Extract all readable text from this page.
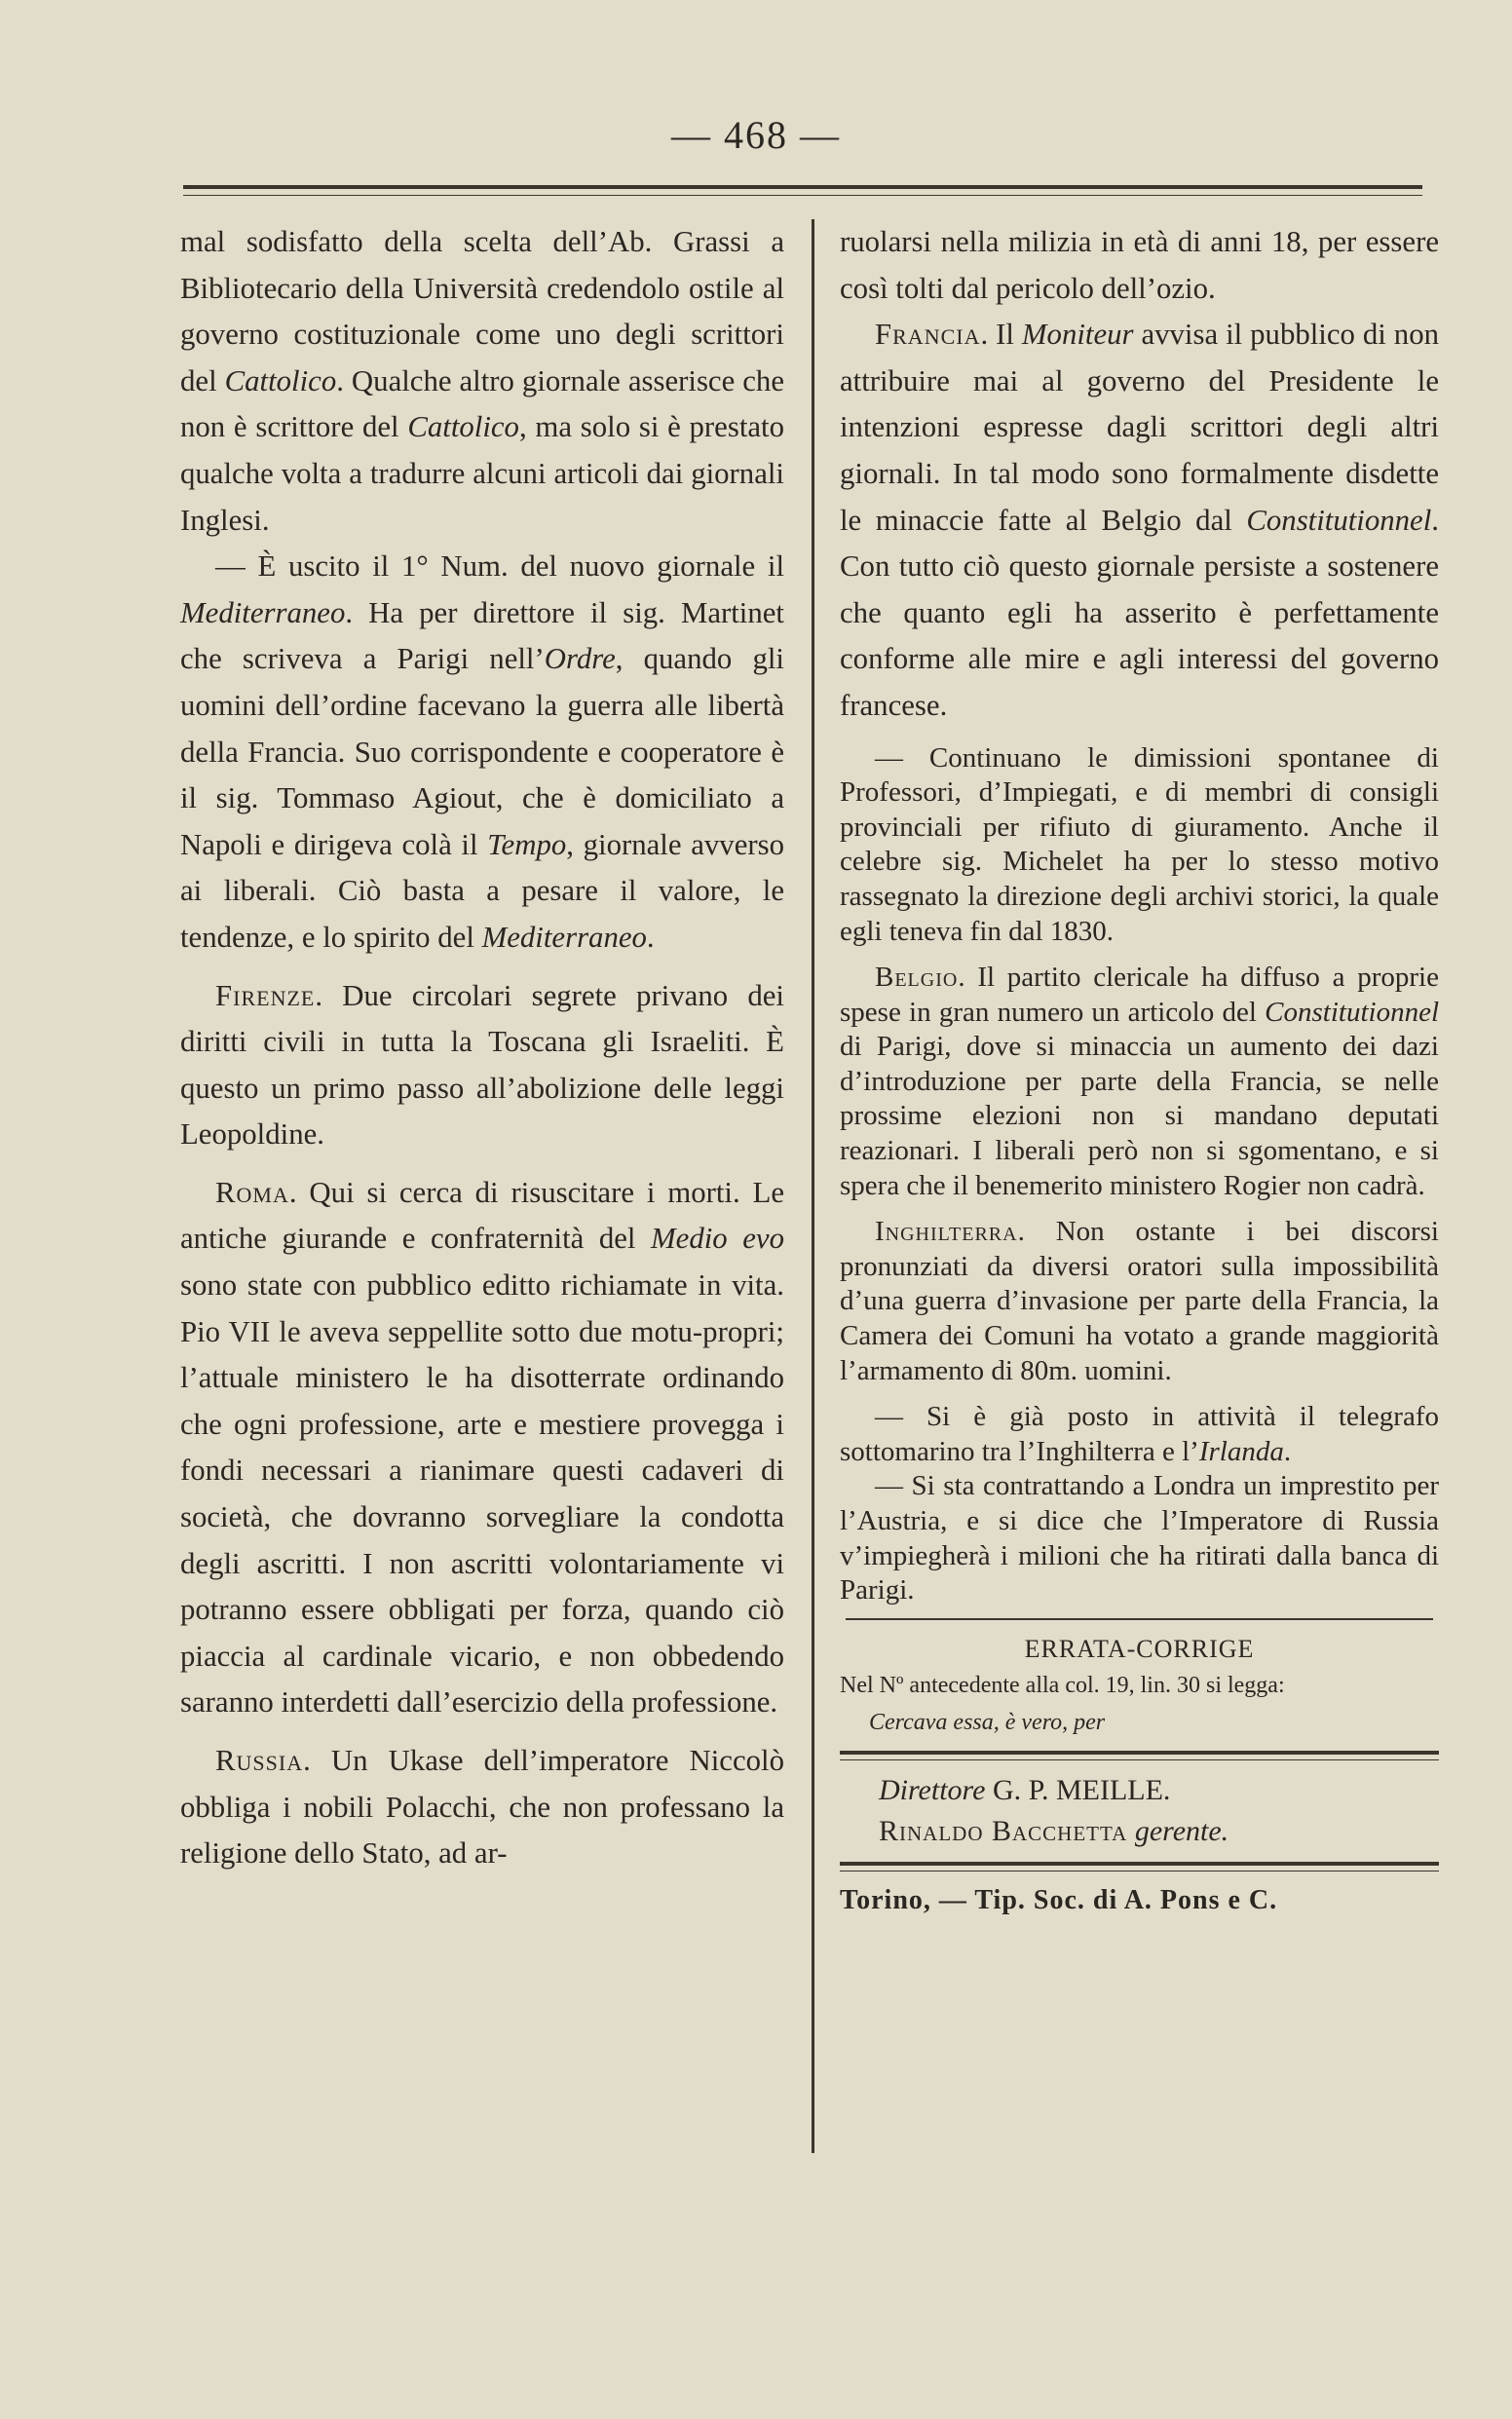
— 468 —

mal sodisfatto della scelta dell’Ab. Grassi a Bibliotecario della Università credendolo ostile al governo costituzionale come uno degli scrittori del Cattolico. Qualche altro giornale asserisce che non è scrittore del Cattolico, ma solo si è prestato qualche volta a tradurre alcuni articoli dai giornali Inglesi.

— È uscito il 1° Num. del nuovo giornale il Mediterraneo. Ha per direttore il sig. Martinet che scriveva a Parigi nell’Ordre, quando gli uomini dell’ordine facevano la guerra alle libertà della Francia. Suo corrispondente e cooperatore è il sig. Tommaso Agiout, che è domiciliato a Napoli e dirigeva colà il Tempo, giornale avverso ai liberali. Ciò basta a pesare il valore, le tendenze, e lo spirito del Mediterraneo.

Firenze. Due circolari segrete privano dei diritti civili in tutta la Toscana gli Israeliti. È questo un primo passo all’abolizione delle leggi Leopoldine.

Roma. Qui si cerca di risuscitare i morti. Le antiche giurande e confraternità del Medio evo sono state con pubblico editto richiamate in vita. Pio VII le aveva seppellite sotto due motu-propri; l’attuale ministero le ha disotterrate ordinando che ogni professione, arte e mestiere provegga i fondi necessari a rianimare questi cadaveri di società, che dovranno sorvegliare la condotta degli ascritti. I non ascritti volontariamente vi potranno essere obbligati per forza, quando ciò piaccia al cardinale vicario, e non obbedendo saranno interdetti dall’esercizio della professione.

Russia. Un Ukase dell’imperatore Niccolò obbliga i nobili Polacchi, che non professano la religione dello Stato, ad ar-

ruolarsi nella milizia in età di anni 18, per essere così tolti dal pericolo dell’ozio.

Francia. Il Moniteur avvisa il pubblico di non attribuire mai al governo del Presidente le intenzioni espresse dagli scrittori degli altri giornali. In tal modo sono formalmente disdette le minaccie fatte al Belgio dal Constitutionnel. Con tutto ciò questo giornale persiste a sostenere che quanto egli ha asserito è perfettamente conforme alle mire e agli interessi del governo francese.

— Continuano le dimissioni spontanee di Professori, d’Impiegati, e di membri di consigli provinciali per rifiuto di giuramento. Anche il celebre sig. Michelet ha per lo stesso motivo rassegnato la direzione degli archivi storici, la quale egli teneva fin dal 1830.

Belgio. Il partito clericale ha diffuso a proprie spese in gran numero un articolo del Constitutionnel di Parigi, dove si minaccia un aumento dei dazi d’introduzione per parte della Francia, se nelle prossime elezioni non si mandano deputati reazionari. I liberali però non si sgomentano, e si spera che il benemerito ministero Rogier non cadrà.

Inghilterra. Non ostante i bei discorsi pronunziati da diversi oratori sulla impossibilità d’una guerra d’invasione per parte della Francia, la Camera dei Comuni ha votato a grande maggiorità l’armamento di 80m. uomini.

— Si è già posto in attività il telegrafo sottomarino tra l’Inghilterra e l’Irlanda.

— Si sta contrattando a Londra un imprestito per l’Austria, e si dice che l’Imperatore di Russia v’impiegherà i milioni che ha ritirati dalla banca di Parigi.

ERRATA-CORRIGE
Nel Nº antecedente alla col. 19, lin. 30 si legga:
Cercava essa, è vero, per
Direttore G. P. MEILLE.
Rinaldo Bacchetta gerente.
Torino, — Tip. Soc. di A. Pons e C.
